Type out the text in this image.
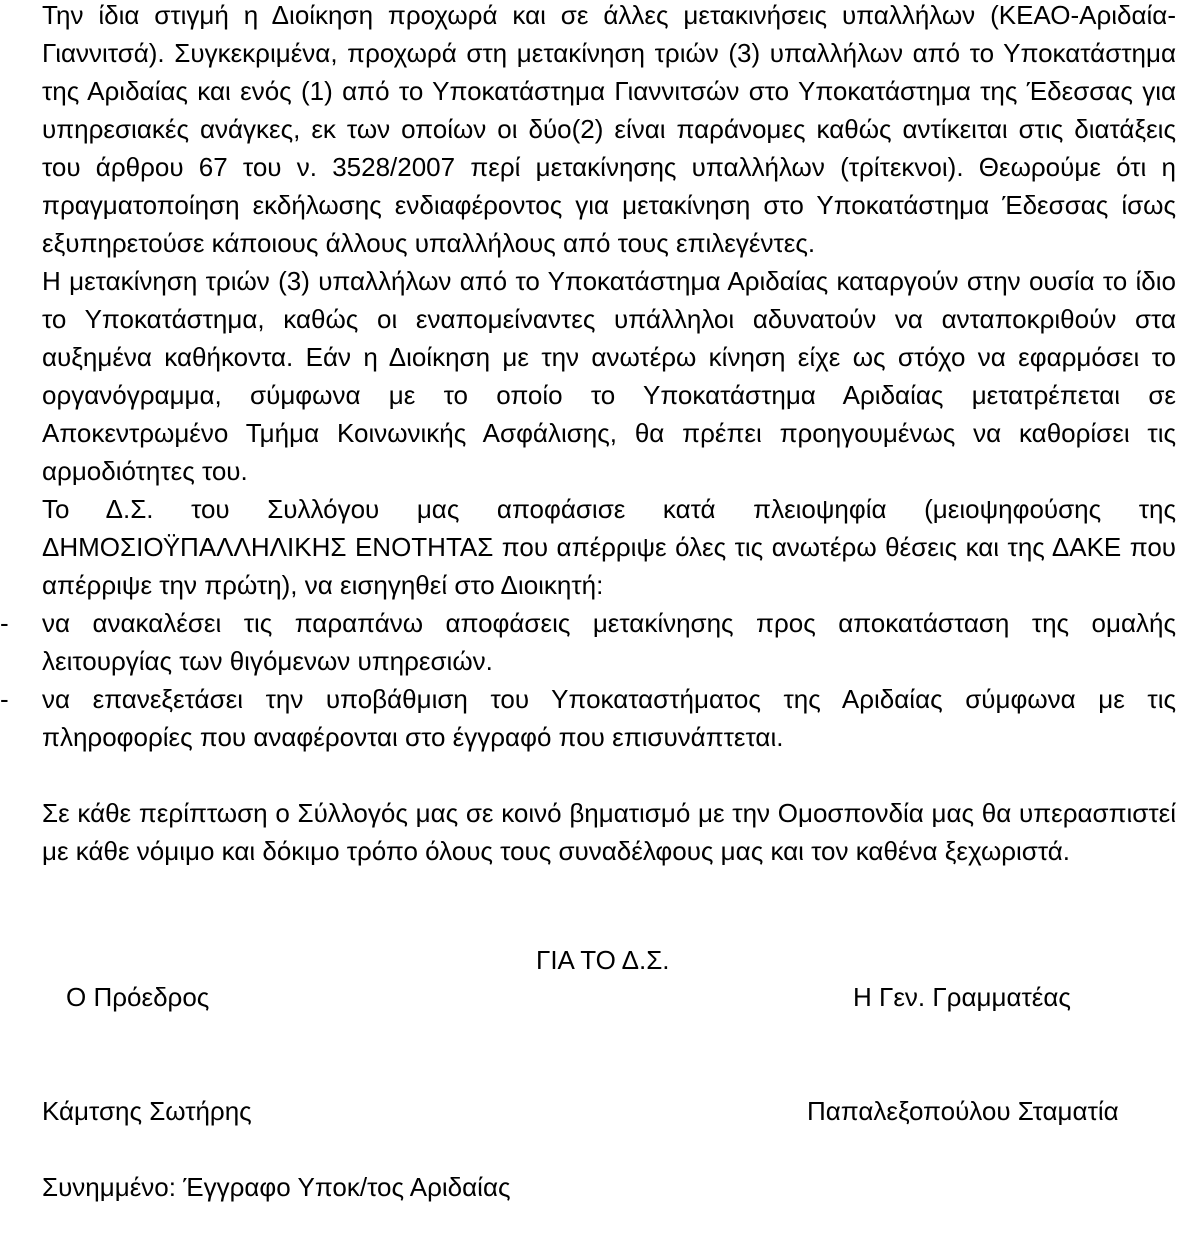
Την ίδια στιγμή η Διοίκηση προχωρά και σε άλλες μετακινήσεις υπαλλήλων (ΚΕΑΟ-Αριδαία-Γιαννιτσά). Συγκεκριμένα, προχωρά στη μετακίνηση τριών (3) υπαλλήλων από το Υποκατάστημα της Αριδαίας και ενός (1) από το Υποκατάστημα Γιαννιτσών στο Υποκατάστημα της Έδεσσας για υπηρεσιακές ανάγκες, εκ των οποίων οι δύο(2) είναι παράνομες καθώς αντίκειται στις διατάξεις του άρθρου 67 του ν. 3528/2007 περί μετακίνησης υπαλλήλων (τρίτεκνοι). Θεωρούμε ότι η πραγματοποίηση εκδήλωσης ενδιαφέροντος για μετακίνηση στο Υποκατάστημα Έδεσσας ίσως εξυπηρετούσε κάποιους άλλους υπαλλήλους από τους επιλεγέντες.

Η μετακίνηση τριών (3) υπαλλήλων από το Υποκατάστημα Αριδαίας καταργούν στην ουσία το ίδιο το Υποκατάστημα, καθώς οι εναπομείναντες υπάλληλοι αδυνατούν να ανταποκριθούν στα αυξημένα καθήκοντα. Εάν η Διοίκηση με την ανωτέρω κίνηση είχε ως στόχο να εφαρμόσει το οργανόγραμμα, σύμφωνα με το οποίο το Υποκατάστημα Αριδαίας μετατρέπεται σε Αποκεντρωμένο Τμήμα Κοινωνικής Ασφάλισης, θα πρέπει προηγουμένως να καθορίσει τις αρμοδιότητες του.

Το Δ.Σ. του Συλλόγου μας αποφάσισε κατά πλειοψηφία (μειοψηφούσης της ΔΗΜΟΣΙΟΫΠΑΛΛΗΛΙΚΗΣ ΕΝΟΤΗΤΑΣ που απέρριψε όλες τις ανωτέρω θέσεις και της ΔΑΚΕ που απέρριψε την πρώτη), να εισηγηθεί στο Διοικητή:

- να ανακαλέσει τις παραπάνω αποφάσεις μετακίνησης προς αποκατάσταση της ομαλής λειτουργίας των θιγόμενων υπηρεσιών.
- να επανεξετάσει την υποβάθμιση του Υποκαταστήματος της Αριδαίας σύμφωνα με τις πληροφορίες που αναφέρονται στο έγγραφό που επισυνάπτεται.

Σε κάθε περίπτωση ο Σύλλογός μας σε κοινό βηματισμό με την Ομοσπονδία μας θα υπερασπιστεί με κάθε νόμιμο και δόκιμο τρόπο όλους τους συναδέλφους μας και τον καθένα ξεχωριστά.

ΓΙΑ ΤΟ Δ.Σ.
Ο Πρόεδρος	Η Γεν. Γραμματέας
Κάμτσης Σωτήρης	Παπαλεξοπούλου Σταματία
Συνημμένο: Έγγραφο Υποκ/τος Αριδαίας
